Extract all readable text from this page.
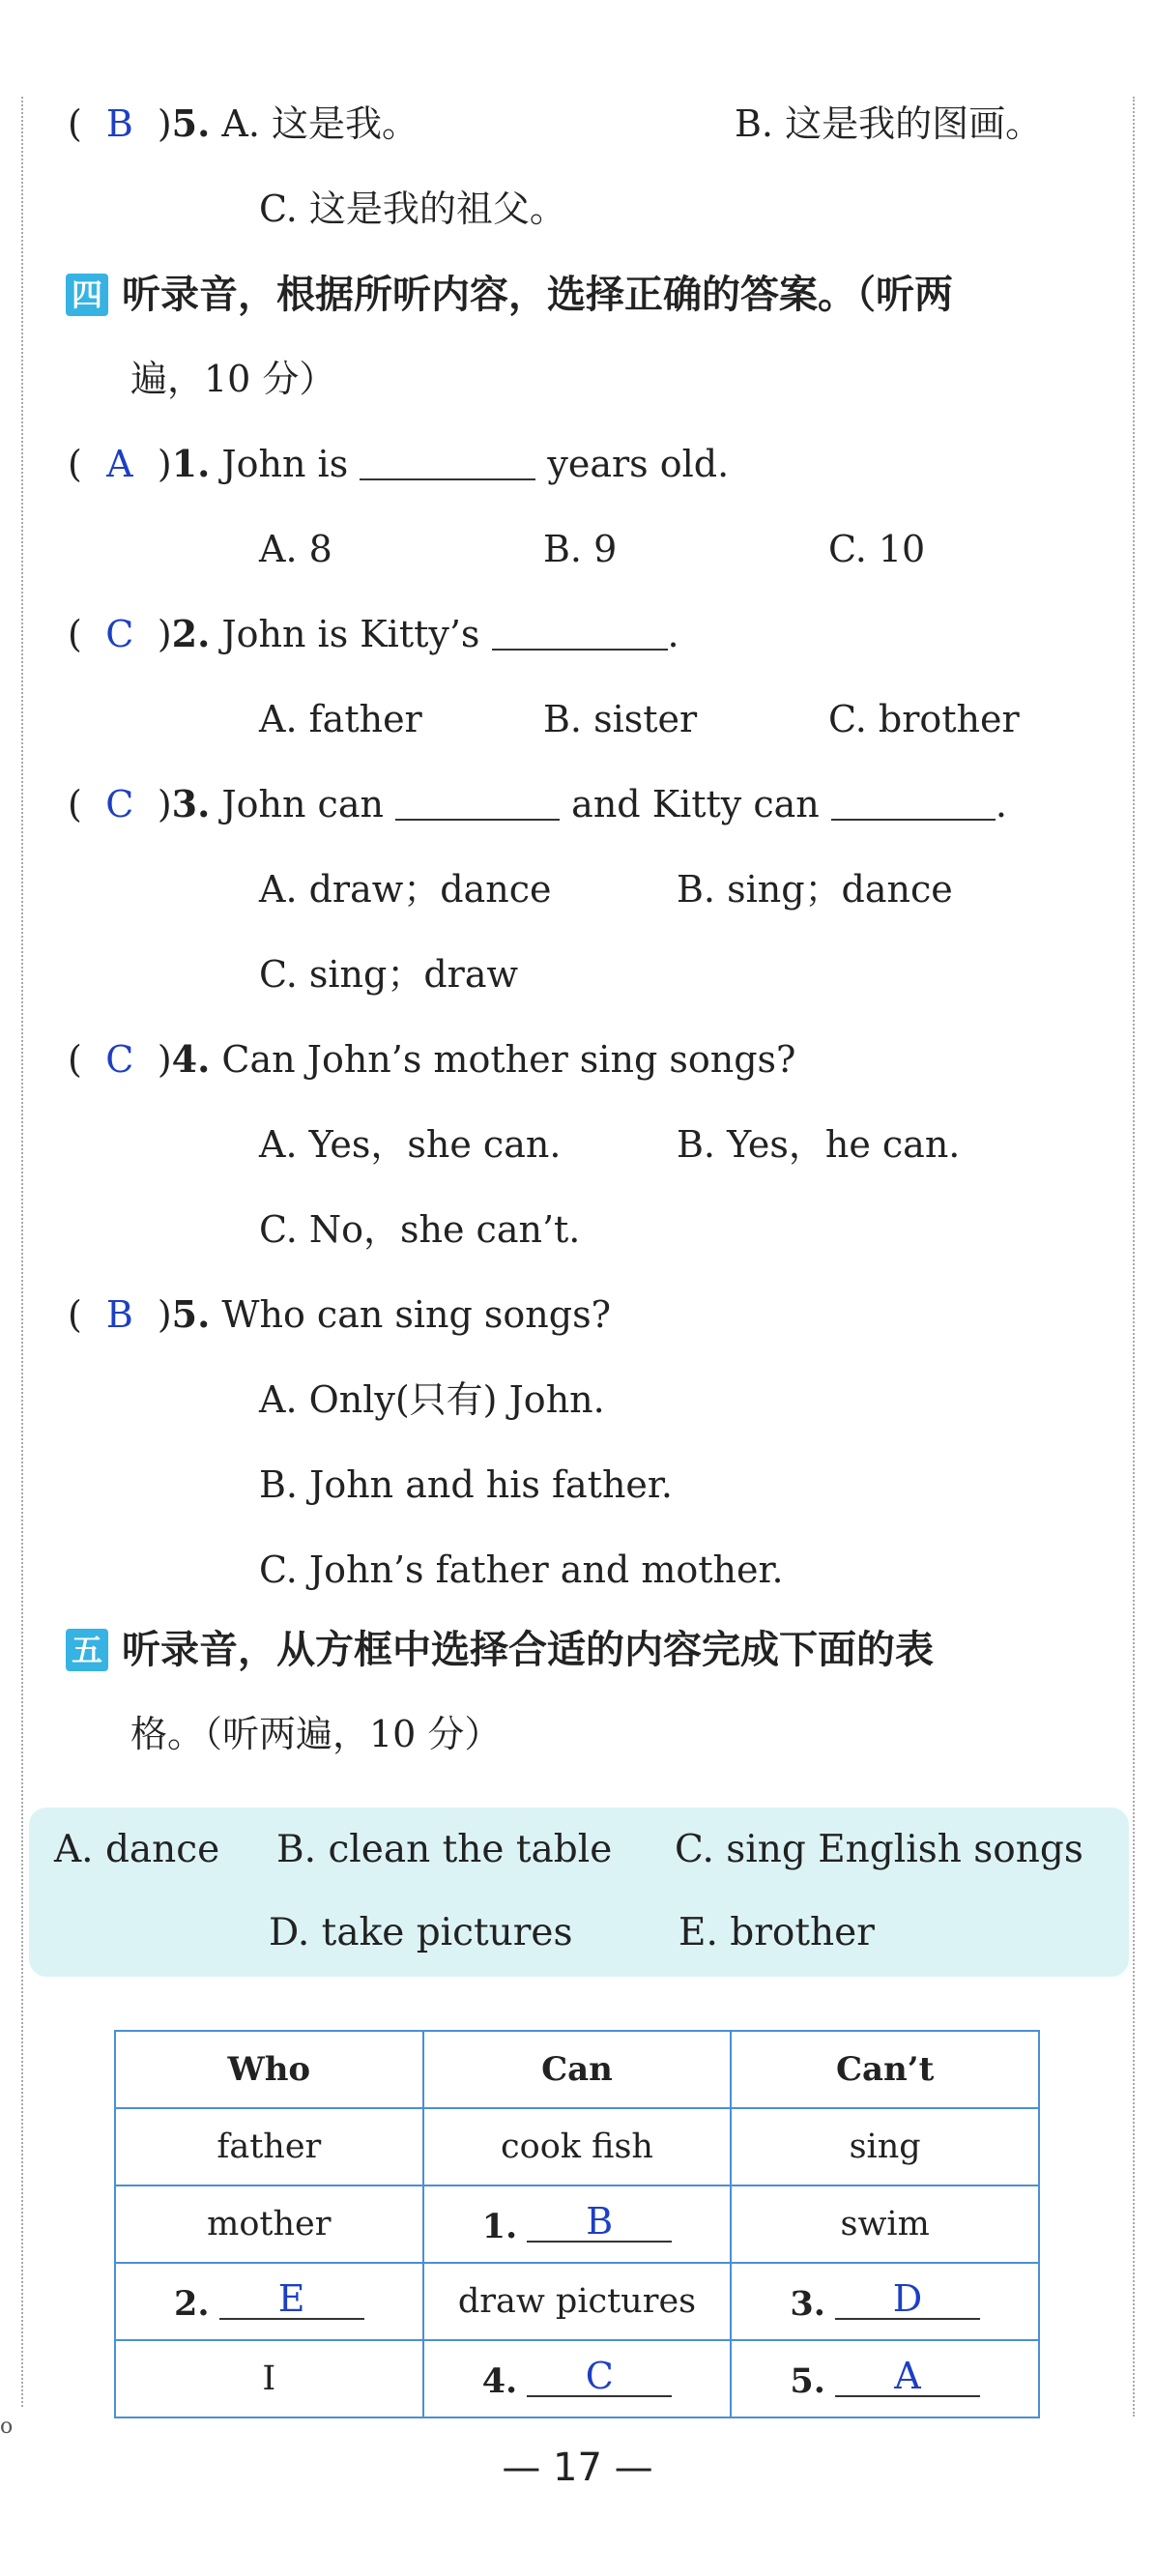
( B )5. A. 这是我。	B. 这是我的图画。
C. 这是我的祖父。
四 听录音，根据所听内容，选择正确的答案。（听两
遍，10 分）
( A )1. John is	years old.
A. 8	B. 9	C. 10
( C )2. John is Kitty’s	.
A. father	B. sister	C. brother
( C )3. John can	and Kitty can	.
A. draw；dance	B. sing；dance
C. sing；draw
( C )4. Can John’s mother sing songs?
A. Yes，she can.	B. Yes，he can.
C. No，she can’t.
( B )5. Who can sing songs?
A. Only(只有) John.
B. John and his father.
C. John’s father and mother.
五 听录音，从方框中选择合适的内容完成下面的表
格。（听两遍，10 分）
A. dance B. clean the table C. sing English songs
D. take pictures	E. brother
Who	Can	Can’t
father	cook fish	sing
mother	1. B	swim
2. E	draw pictures	3. D
I	4. C	5. A
o
— 17 —
